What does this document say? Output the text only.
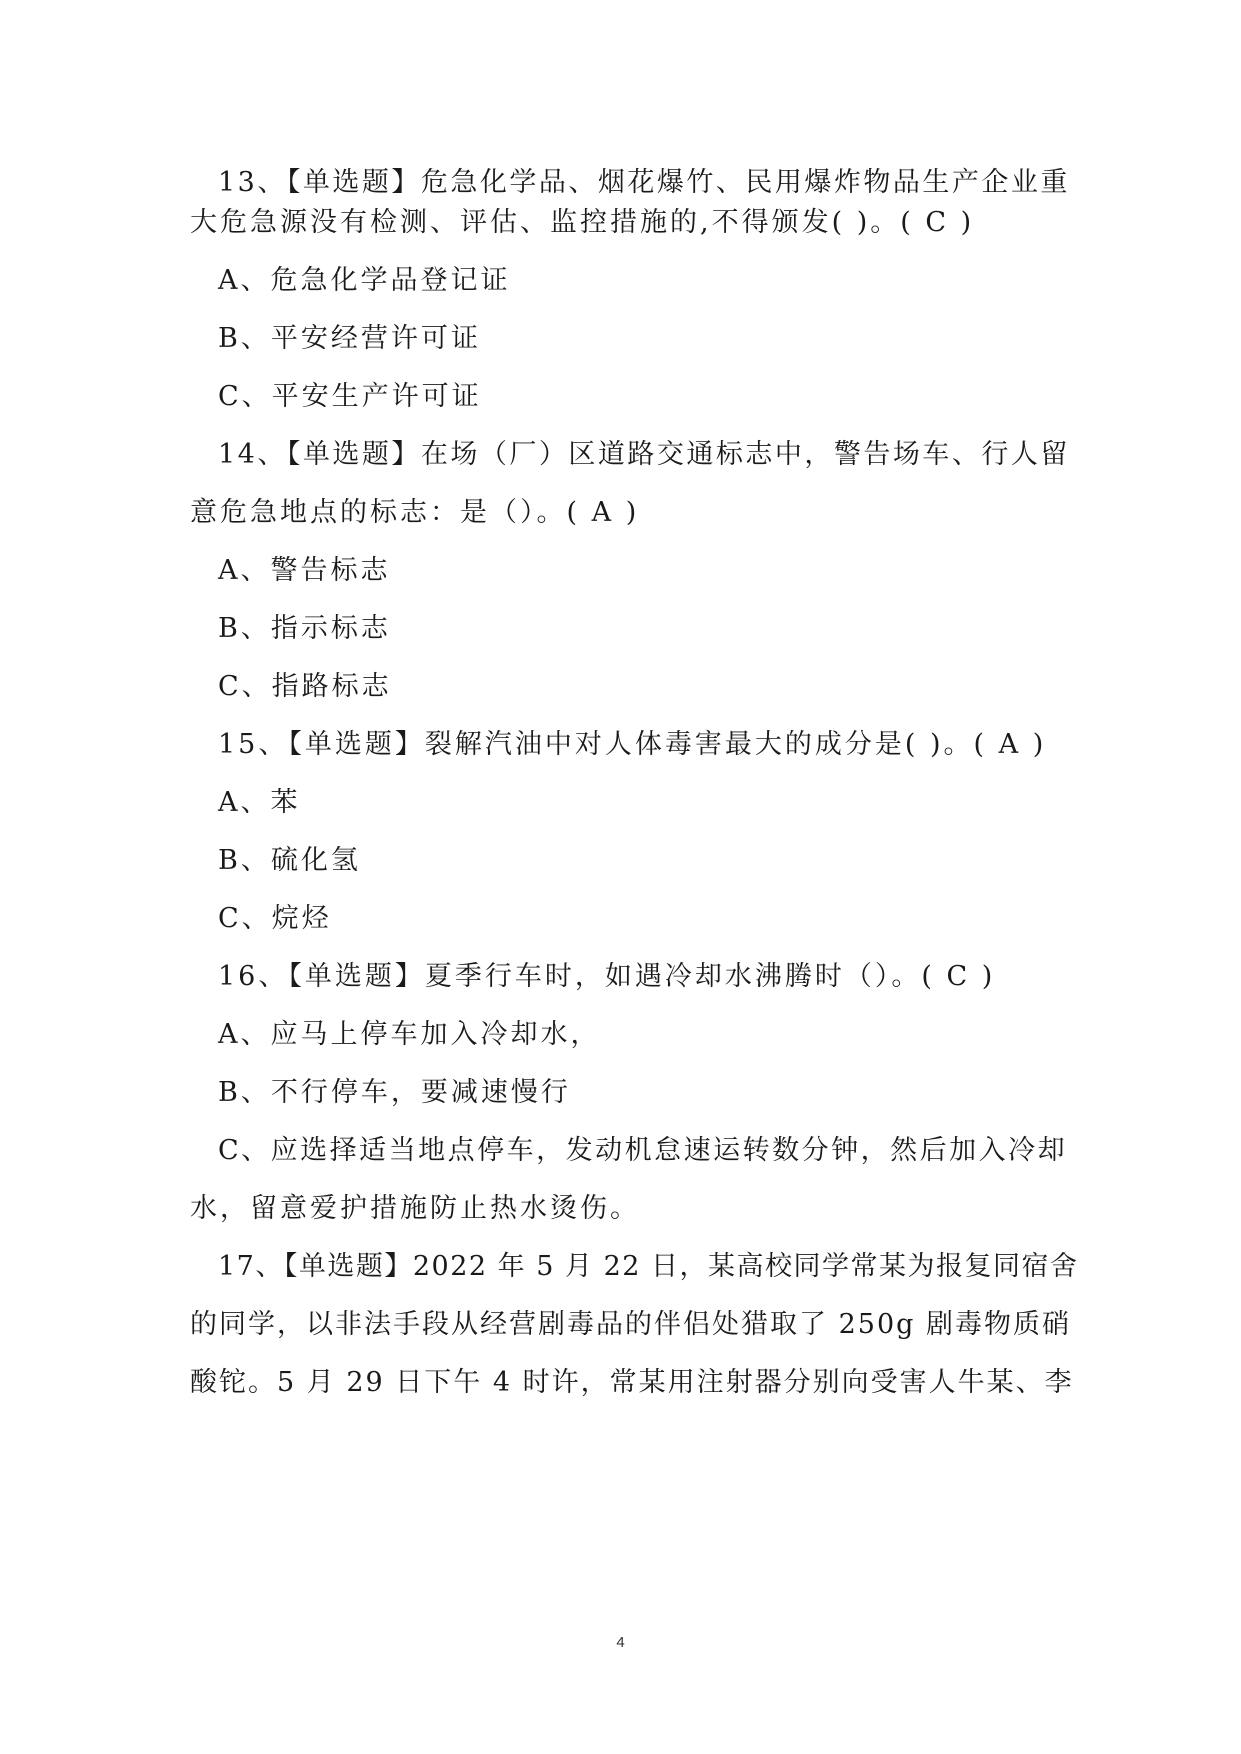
13、【单选题】危急化学品、烟花爆竹、民用爆炸物品生产企业重
大危急源没有检测、评估、监控措施的,不得颁发( )。( C )
A、危急化学品登记证
B、平安经营许可证
C、平安生产许可证
14、【单选题】在场（厂）区道路交通标志中，警告场车、行人留
意危急地点的标志：是（）。( A )
A、警告标志
B、指示标志
C、指路标志
15、【单选题】裂解汽油中对人体毒害最大的成分是( )。( A )
A、苯
B、硫化氢
C、烷烃
16、【单选题】夏季行车时，如遇冷却水沸腾时（）。( C )
A、应马上停车加入冷却水，
B、不行停车，要减速慢行
C、应选择适当地点停车，发动机怠速运转数分钟，然后加入冷却
水，留意爱护措施防止热水烫伤。
17、【单选题】2022 年 5 月 22 日，某高校同学常某为报复同宿舍
的同学，以非法手段从经营剧毒品的伴侣处猎取了 250g 剧毒物质硝
酸铊。5 月 29 日下午 4 时许，常某用注射器分别向受害人牛某、李
4
